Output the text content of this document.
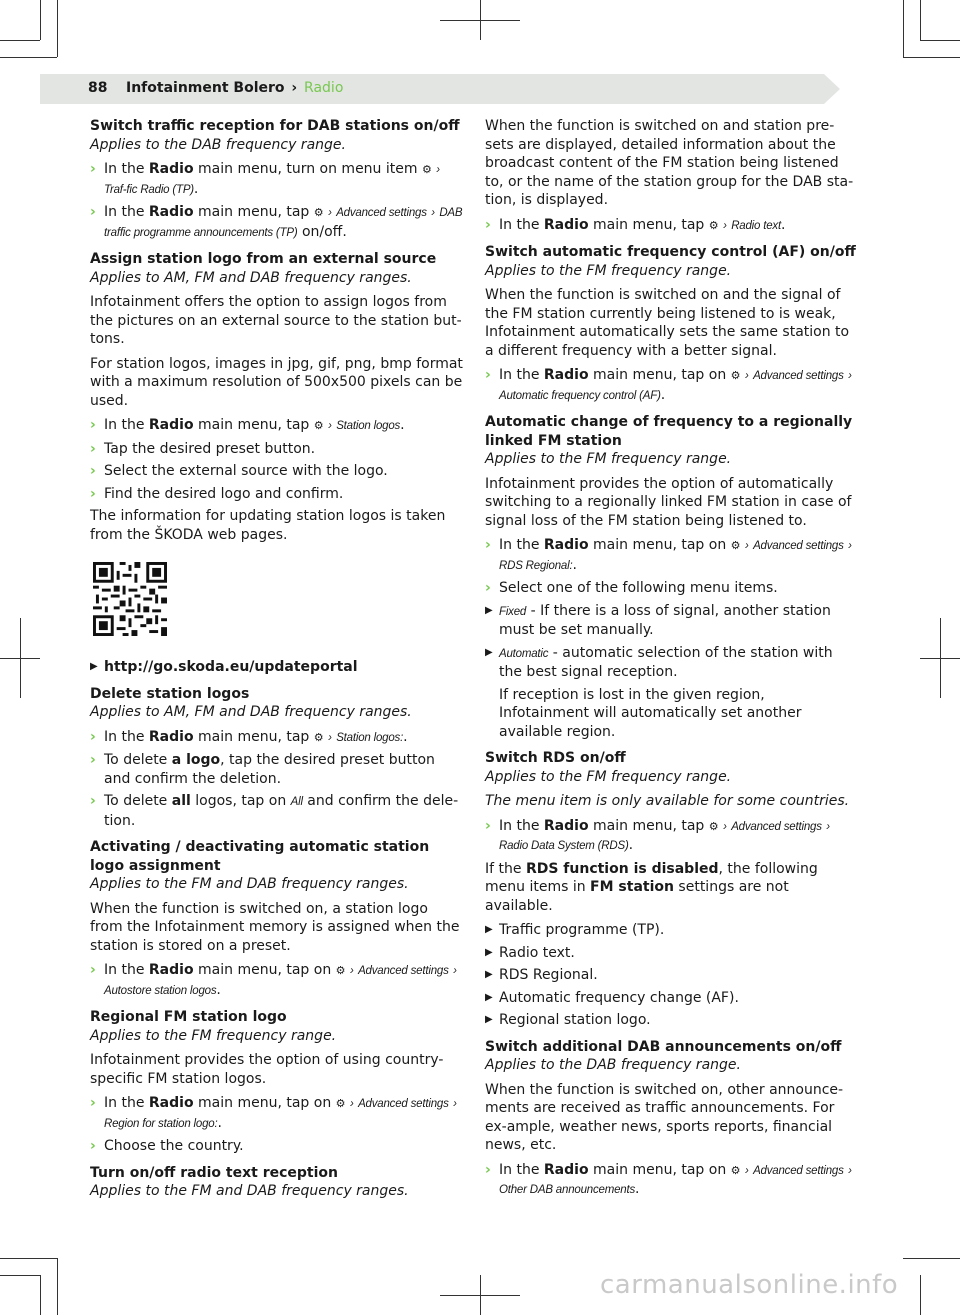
88 Infotainment Bolero › Radio
Switch traffic reception for DAB stations on/off
Applies to the DAB frequency range.
› In the Radio main menu, turn on menu item ⚙ › Traf-fic Radio (TP).
› In the Radio main menu, tap ⚙ › Advanced settings › DAB traffic programme announcements (TP) on/off.
Assign station logo from an external source
Applies to AM, FM and DAB frequency ranges.
Infotainment offers the option to assign logos from the pictures on an external source to the station but-tons.
For station logos, images in jpg, gif, png, bmp format with a maximum resolution of 500x500 pixels can be used.
› In the Radio main menu, tap ⚙ › Station logos.
› Tap the desired preset button.
› Select the external source with the logo.
› Find the desired logo and confirm.
The information for updating station logos is taken from the ŠKODA web pages.
▶ http://go.skoda.eu/updateportal
Delete station logos
Applies to AM, FM and DAB frequency ranges.
› In the Radio main menu, tap ⚙ › Station logos:.
› To delete a logo, tap the desired preset button and confirm the deletion.
› To delete all logos, tap on All and confirm the dele-tion.
Activating / deactivating automatic station logo assignment
Applies to the FM and DAB frequency ranges.
When the function is switched on, a station logo from the Infotainment memory is assigned when the station is stored on a preset.
› In the Radio main menu, tap on ⚙ › Advanced settings › Autostore station logos.
Regional FM station logo
Applies to the FM frequency range.
Infotainment provides the option of using country-specific FM station logos.
› In the Radio main menu, tap on ⚙ › Advanced settings › Region for station logo:.
› Choose the country.
Turn on/off radio text reception
Applies to the FM and DAB frequency ranges.
When the function is switched on and station pre-sets are displayed, detailed information about the broadcast content of the FM station being listened to, or the name of the station group for the DAB sta-tion, is displayed.
› In the Radio main menu, tap ⚙ › Radio text.
Switch automatic frequency control (AF) on/off
Applies to the FM frequency range.
When the function is switched on and the signal of the FM station currently being listened to is weak, Infotainment automatically sets the same station to a different frequency with a better signal.
› In the Radio main menu, tap on ⚙ › Advanced settings › Automatic frequency control (AF).
Automatic change of frequency to a regionally linked FM station
Applies to the FM frequency range.
Infotainment provides the option of automatically switching to a regionally linked FM station in case of signal loss of the FM station being listened to.
› In the Radio main menu, tap on ⚙ › Advanced settings › RDS Regional:.
› Select one of the following menu items.
▶ Fixed - If there is a loss of signal, another station must be set manually.
▶ Automatic - automatic selection of the station with the best signal reception.
If reception is lost in the given region, Infotainment will automatically set another available region.
Switch RDS on/off
Applies to the FM frequency range.
The menu item is only available for some countries.
› In the Radio main menu, tap ⚙ › Advanced settings › Radio Data System (RDS).
If the RDS function is disabled, the following menu items in FM station settings are not available.
▶ Traffic programme (TP).
▶ Radio text.
▶ RDS Regional.
▶ Automatic frequency change (AF).
▶ Regional station logo.
Switch additional DAB announcements on/off
Applies to the DAB frequency range.
When the function is switched on, other announce-ments are received as traffic announcements. For ex-ample, weather news, sports reports, financial news, etc.
› In the Radio main menu, tap on ⚙ › Advanced settings › Other DAB announcements.
carmanualsonline.info
